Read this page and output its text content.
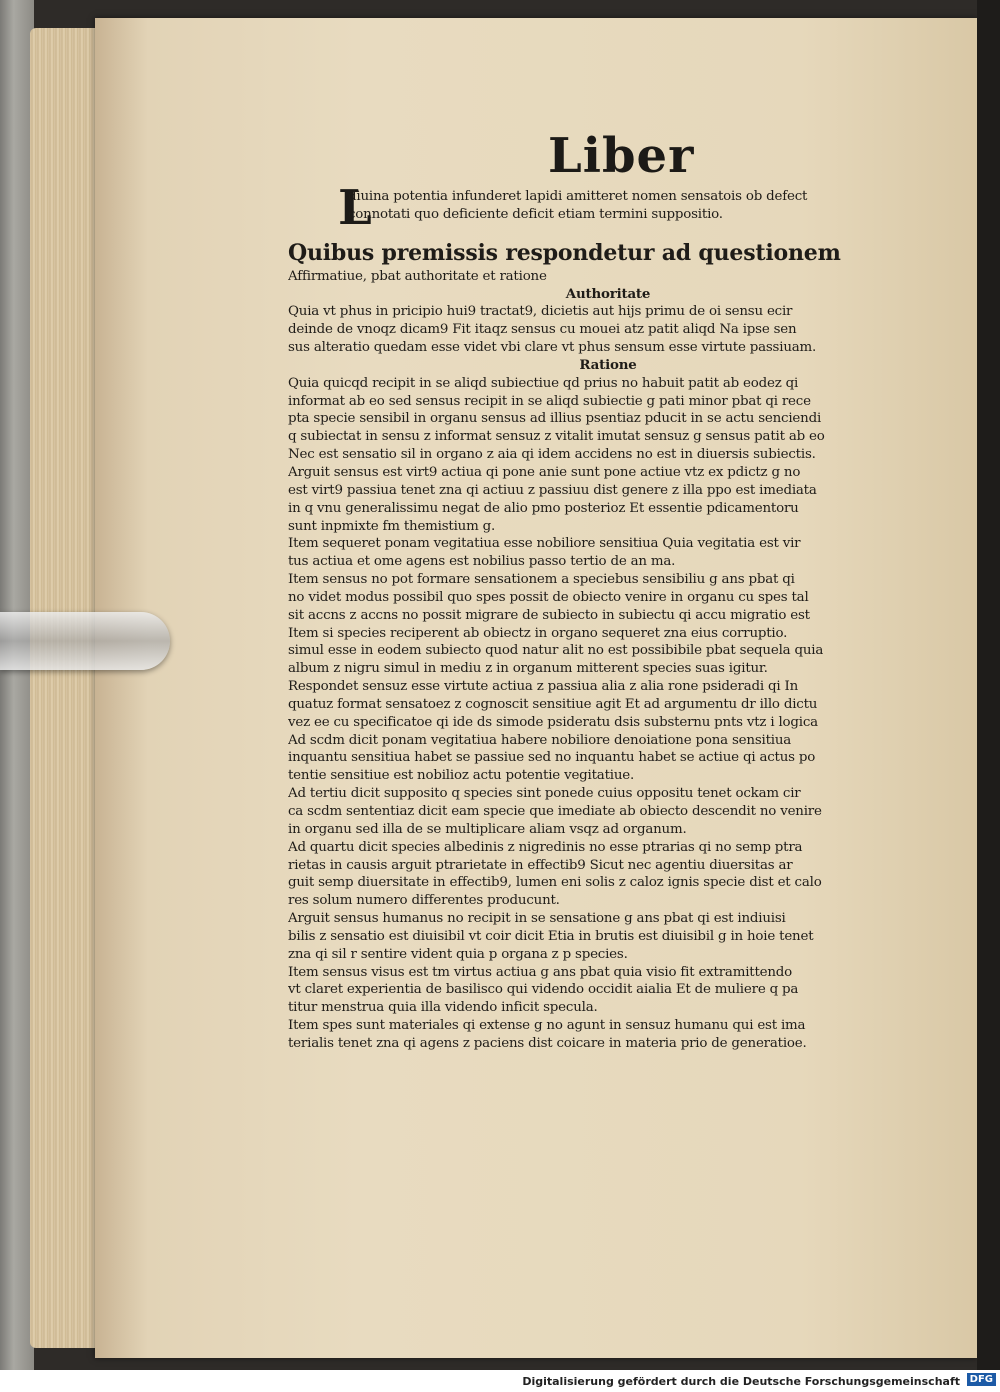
Liber
L
diuina potentia infunderet lapidi amitteret nomen sensatois ob defect
connotati quo deficiente deficit etiam termini suppositio.
Quibus premissis respondetur ad questionem
Affirmatiue, pbat authoritate et ratione
Authoritate
Quia vt phus in pricipio hui9 tractat9, dicietis aut hijs primu de oi sensu ecir
deinde de vnoqz dicam9 Fit itaqz sensus cu mouei atz patit aliqd Na ipse sen
sus alteratio quedam esse videt vbi clare vt phus sensum esse virtute passiuam.
Ratione
Quia quicqd recipit in se aliqd subiectiue qd prius no habuit patit ab eodez qi
informat ab eo sed sensus recipit in se aliqd subiectie g pati minor pbat qi rece
pta specie sensibil in organu sensus ad illius psentiaz pducit in se actu senciendi
q subiectat in sensu z informat sensuz z vitalit imutat sensuz g sensus patit ab eo
Nec est sensatio sil in organo z aia qi idem accidens no est in diuersis subiectis.
Arguit sensus est virt9 actiua qi pone anie sunt pone actiue vtz ex pdictz g no
est virt9 passiua tenet zna qi actiuu z passiuu dist genere z illa ppo est imediata
in q vnu generalissimu negat de alio pmo posterioz Et essentie pdicamentoru
sunt inpmixte fm themistium g.
Item sequeret ponam vegitatiua esse nobiliore sensitiua Quia vegitatia est vir
tus actiua et ome agens est nobilius passo tertio de an ma.
Item sensus no pot formare sensationem a speciebus sensibiliu g ans pbat qi
no videt modus possibil quo spes possit de obiecto venire in organu cu spes tal
sit accns z accns no possit migrare de subiecto in subiectu qi accu migratio est
Item si species reciperent ab obiectz in organo sequeret zna eius corruptio.
simul esse in eodem subiecto quod natur alit no est possibibile pbat sequela quia
album z nigru simul in mediu z in organum mitterent species suas igitur.
Respondet sensuz esse virtute actiua z passiua alia z alia rone psideradi qi In
quatuz format sensatoez z cognoscit sensitiue agit Et ad argumentu dr illo dictu
vez ee cu specificatoe qi ide ds simode psideratu dsis substernu pnts vtz i logica
Ad scdm dicit ponam vegitatiua habere nobiliore denoiatione pona sensitiua
inquantu sensitiua habet se passiue sed no inquantu habet se actiue qi actus po
tentie sensitiue est nobilioz actu potentie vegitatiue.
Ad tertiu dicit supposito q species sint ponede cuius oppositu tenet ockam cir
ca scdm sententiaz dicit eam specie que imediate ab obiecto descendit no venire
in organu sed illa de se multiplicare aliam vsqz ad organum.
Ad quartu dicit species albedinis z nigredinis no esse ptrarias qi no semp ptra
rietas in causis arguit ptrarietate in effectib9 Sicut nec agentiu diuersitas ar
guit semp diuersitate in effectib9, lumen eni solis z caloz ignis specie dist et calo
res solum numero differentes producunt.
Arguit sensus humanus no recipit in se sensatione g ans pbat qi est indiuisi
bilis z sensatio est diuisibil vt coir dicit Etia in brutis est diuisibil g in hoie tenet
zna qi sil r sentire vident quia p organa z p species.
Item sensus visus est tm virtus actiua g ans pbat quia visio fit extramittendo
vt claret experientia de basilisco qui videndo occidit aialia Et de muliere q pa
titur menstrua quia illa videndo inficit specula.
Item spes sunt materiales qi extense g no agunt in sensuz humanu qui est ima
terialis tenet zna qi agens z paciens dist coicare in materia prio de generatioe.
Digitalisierung gefördert durch die Deutsche Forschungsgemeinschaft DFG
